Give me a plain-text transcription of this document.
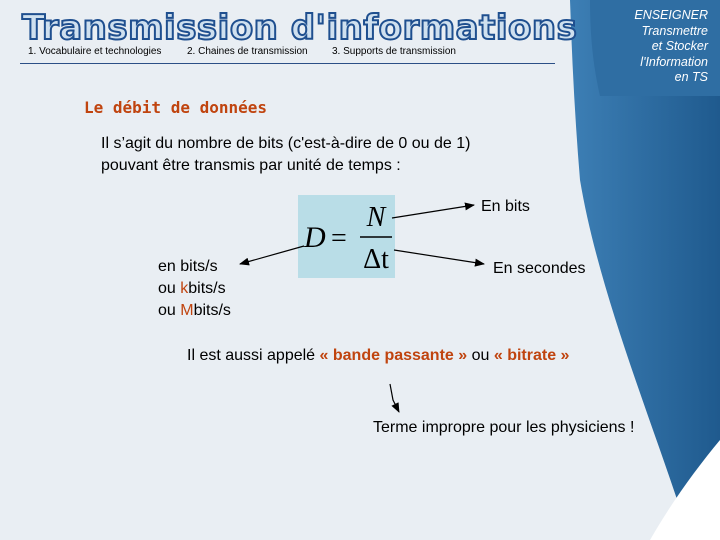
ENSEIGNER
Transmettre
et Stocker
l'Information
en TS
Transmission d'informations
1. Vocabulaire et technologies	2. Chaines de transmission 3. Supports de transmission
Le débit de données
Il s’agit du nombre de bits (c'est-à-dire de 0 ou de 1)
pouvant être transmis par unité de temps :
D =
N
Δt
En bits
En secondes
en bits/s
ou kbits/s
ou Mbits/s
Il est aussi appelé « bande passante » ou « bitrate »
Terme impropre pour les physiciens !
